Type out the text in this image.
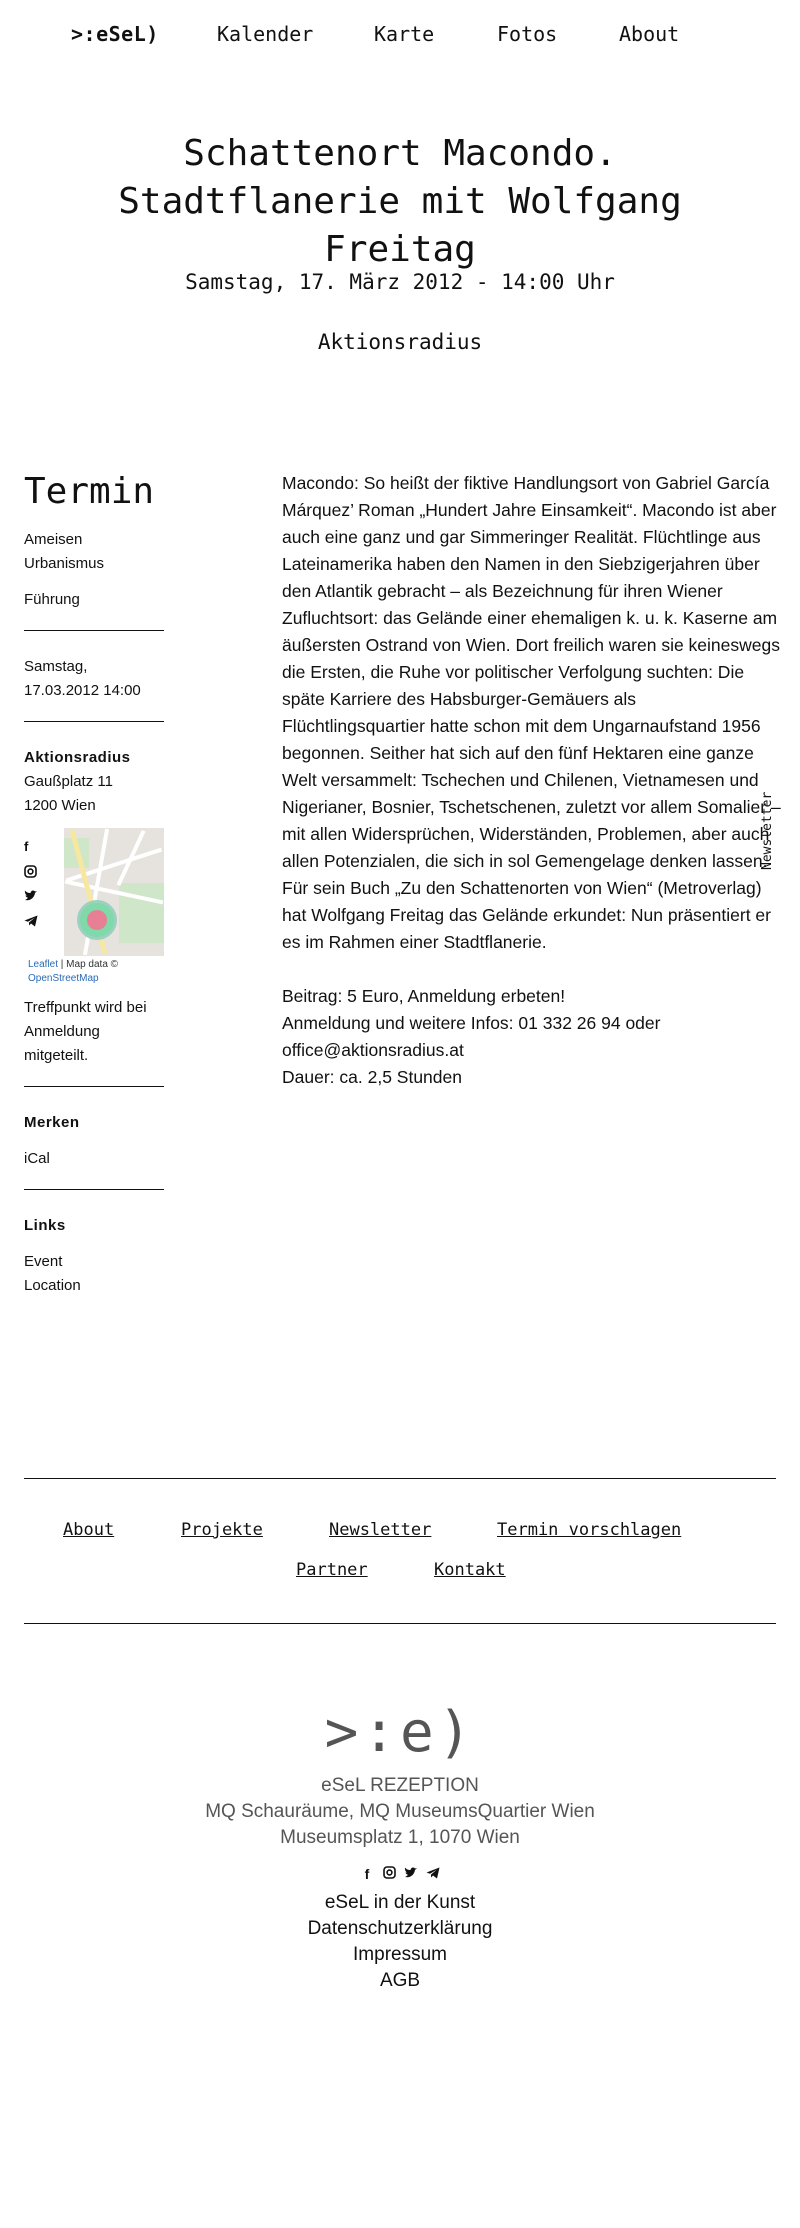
>:eSeL)	Kalender	Karte	Fotos	About
Schattenort Macondo. Stadtflanerie mit Wolfgang Freitag
Samstag, 17. März 2012 - 14:00 Uhr
Aktionsradius
Termin
Ameisen
Urbanismus
Führung
Samstag,
17.03.2012 14:00
Aktionsradius
Gaußplatz 11
1200 Wien
f
Leaflet | Map data ©
OpenStreetMap
Treffpunkt wird bei Anmeldung mitgeteilt.
Merken
iCal
Links
Event
Location

Macondo: So heißt der fiktive Handlungsort von Gabriel García Márquez’ Roman „Hundert Jahre Einsamkeit“. Macondo ist aber auch eine ganz und gar Simmeringer Realität. Flüchtlinge aus Lateinamerika haben den Namen in den Siebzigerjahren über den Atlantik gebracht – als Bezeichnung für ihren Wiener Zufluchtsort: das Gelände einer ehemaligen k. u. k. Kaserne am äußersten Ostrand von Wien. Dort freilich waren sie keineswegs die Ersten, die Ruhe vor politischer Verfolgung suchten: Die späte Karriere des Habsburger-Gemäuers als Flüchtlingsquartier hatte schon mit dem Ungarnaufstand 1956 begonnen. Seither hat sich auf den fünf Hektaren eine ganze Welt versammelt: Tschechen und Chilenen, Vietnamesen und Nigerianer, Bosnier, Tschetschenen, zuletzt vor allem Somalier – mit allen Widersprüchen, Widerständen, Problemen, aber auch allen Potenzialen, die sich in sol Gemengelage denken lassen.

Für sein Buch „Zu den Schattenorten von Wien“ (Metroverlag) hat Wolfgang Freitag das Gelände erkundet: Nun präsentiert er es im Rahmen einer Stadtflanerie.

Beitrag: 5 Euro, Anmeldung erbeten!

Anmeldung und weitere Infos: 01 332 26 94 oder office@aktionsradius.at

Dauer: ca. 2,5 Stunden

Newsletter
About	Projekte	Newsletter	Termin vorschlagen
Partner	Kontakt
>:e)
eSeL REZEPTION
MQ Schauräume, MQ MuseumsQuartier Wien
Museumsplatz 1, 1070 Wien
f
eSeL in der Kunst
Datenschutzerklärung
Impressum
AGB
